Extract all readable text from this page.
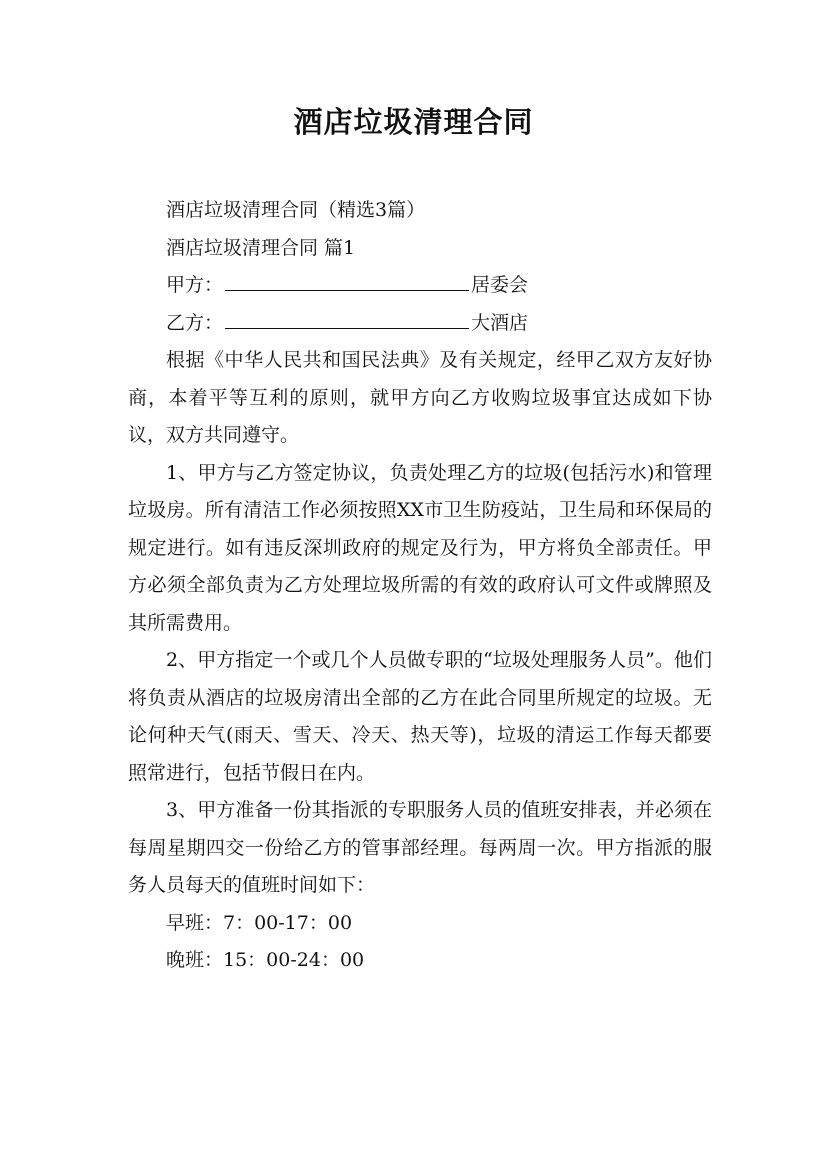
酒店垃圾清理合同

酒店垃圾清理合同（精选3篇）

酒店垃圾清理合同 篇1

甲方：	居委会

乙方：	大酒店

根据《中华人民共和国民法典》及有关规定，经甲乙双方友好协商，本着平等互利的原则，就甲方向乙方收购垃圾事宜达成如下协议，双方共同遵守。

1、甲方与乙方签定协议，负责处理乙方的垃圾(包括污水)和管理垃圾房。所有清洁工作必须按照XX市卫生防疫站，卫生局和环保局的规定进行。如有违反深圳政府的规定及行为，甲方将负全部责任。甲方必须全部负责为乙方处理垃圾所需的有效的政府认可文件或牌照及其所需费用。

2、甲方指定一个或几个人员做专职的“垃圾处理服务人员”。他们将负责从酒店的垃圾房清出全部的乙方在此合同里所规定的垃圾。无论何种天气(雨天、雪天、冷天、热天等)，垃圾的清运工作每天都要照常进行，包括节假日在内。

3、甲方准备一份其指派的专职服务人员的值班安排表，并必须在每周星期四交一份给乙方的管事部经理。每两周一次。甲方指派的服务人员每天的值班时间如下：

早班：7：00-17：00

晚班：15：00-24：00
